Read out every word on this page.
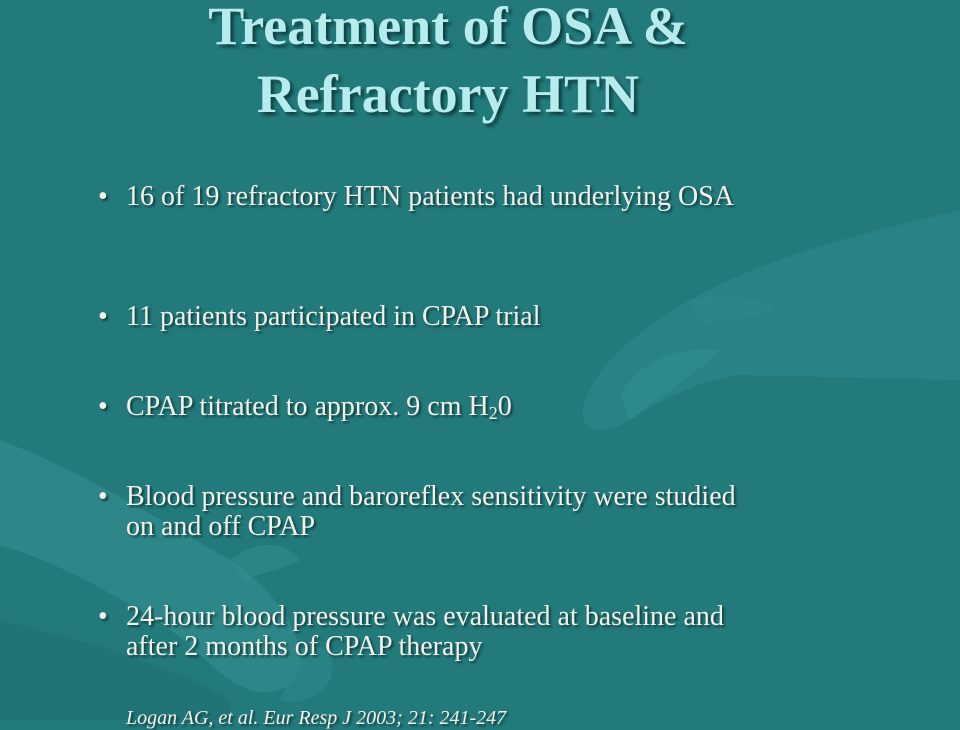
Treatment of OSA &
Refractory HTN
• 16 of 19 refractory HTN patients had underlying OSA
• 11 patients participated in CPAP trial
• CPAP titrated to approx. 9 cm $H_20$
• Blood pressure and baroreflex sensitivity were studied on and off CPAP
• 24-hour blood pressure was evaluated at baseline and after 2 months of CPAP therapy
Logan AG, et al. Eur Resp J 2003; 21: 241-247
